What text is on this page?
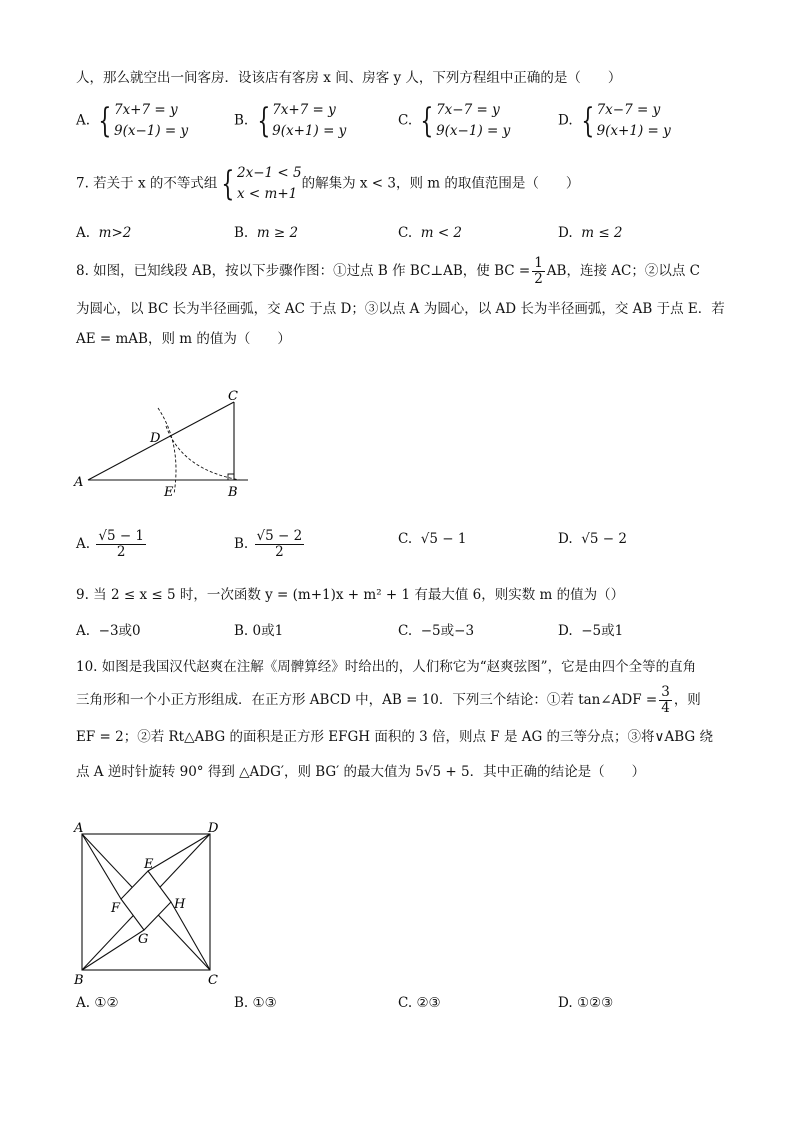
人，那么就空出一间客房．设该店有客房 x 间、房客 y 人，下列方程组中正确的是（　　）
A. { 7x+7 = y
9(x−1) = y
B. { 7x+7 = y
9(x+1) = y
C. { 7x−7 = y
9(x−1) = y
D. { 7x−7 = y
9(x+1) = y
7. 若关于 x 的不等式组 { 2x−1 < 5
x < m+1
的解集为 x < 3，则 m 的取值范围是（　　）
A. m>2	B. m ≥ 2	C. m < 2	D. m ≤ 2
8. 如图，已知线段 AB，按以下步骤作图：①过点 B 作 BC⊥AB，使 BC = $\frac{1}{2}$ AB，连接 AC；②以点 C
为圆心，以 BC 长为半径画弧，交 AC 于点 D；③以点 A 为圆心，以 AD 长为半径画弧，交 AB 于点 E．若
AE = mAB，则 m 的值为（　　）
A
B
C
D
E
A. $\frac{√5 - 1}{2}$	B. $\frac{√5 - 2}{2}$	C. √5 − 1	D. √5 − 2
9. 当 2 ≤ x ≤ 5 时，一次函数 y = (m+1)x + m² + 1 有最大值 6，则实数 m 的值为（）
A. −3或0	B. 0或1	C. −5或−3	D. −5或1
10. 如图是我国汉代赵爽在注解《周髀算经》时给出的，人们称它为“赵爽弦图”，它是由四个全等的直角
三角形和一个小正方形组成．在正方形 ABCD 中，AB = 10．下列三个结论：①若 tan∠ADF = $\frac{3}{4}$ ，则
EF = 2；②若 Rt△ABG 的面积是正方形 EFGH 面积的 3 倍，则点 F 是 AG 的三等分点；③将∨ABG 绕
点 A 逆时针旋转 90° 得到 △ADG′，则 BG′ 的最大值为 5√5 + 5．其中正确的结论是（　　）
A	D
B	C
E
F
G
H
A. ①②	B. ①③	C. ②③	D. ①②③
